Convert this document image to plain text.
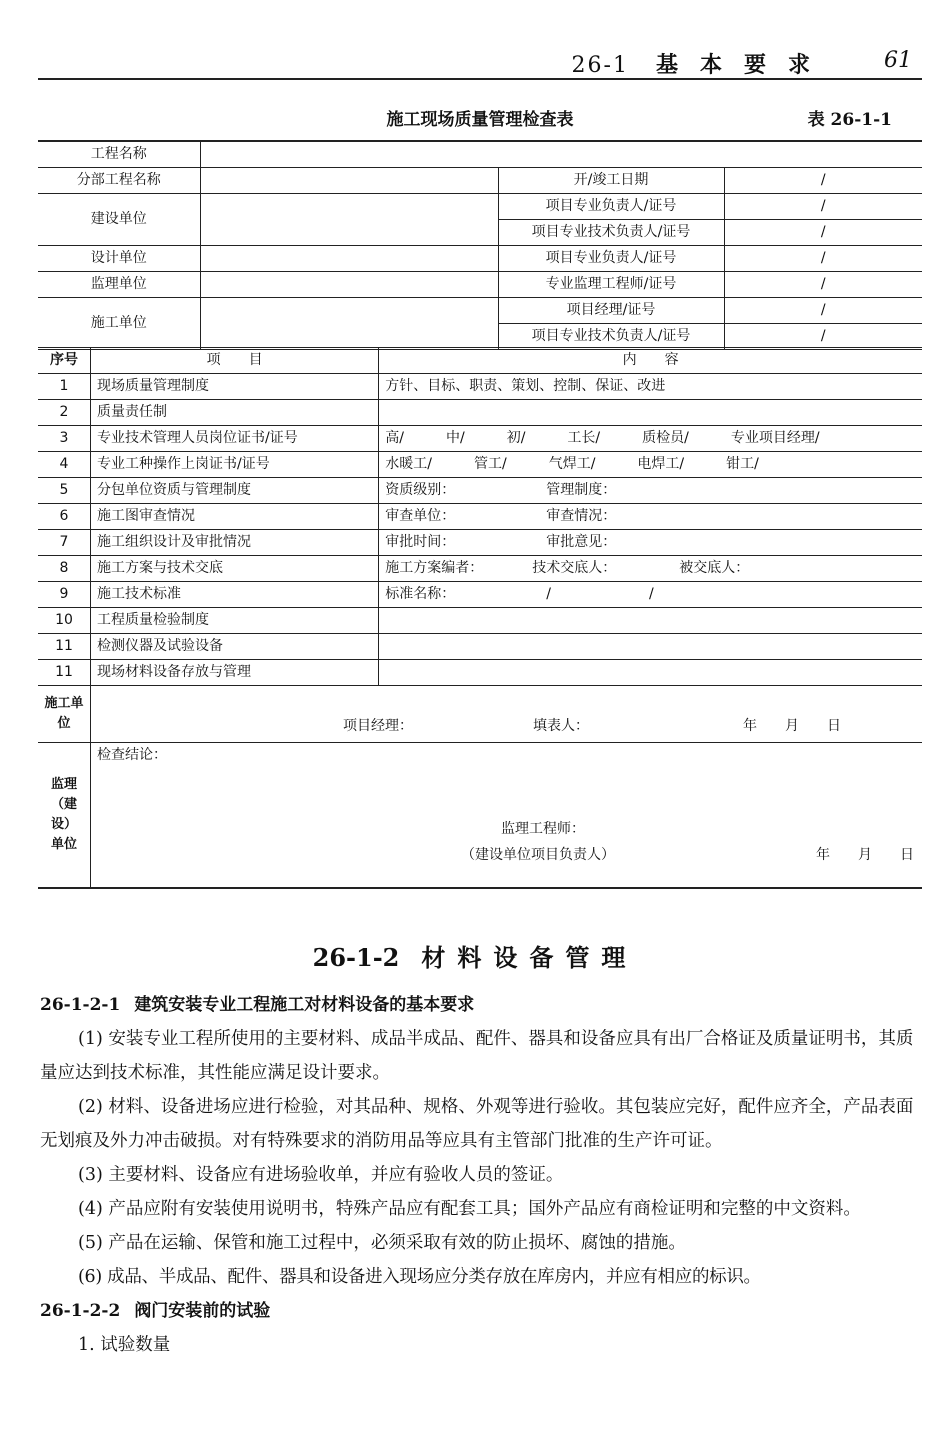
26-1 基本要求 61
施工现场质量管理检查表	表 26-1-1
工程名称			
分部工程名称		开/竣工日期	/
建设单位		项目专业负责人/证号	/
		项目专业技术负责人/证号	/
设计单位		项目专业负责人/证号	/
监理单位		专业监理工程师/证号	/
施工单位		项目经理/证号	/
		项目专业技术负责人/证号	/
序号	项　　目	内　　容
1	现场质量管理制度	方针、目标、职责、策划、控制、保证、改进
2	质量责任制	
3	专业技术管理人员岗位证书/证号	高/　　　中/　　　初/　　　工长/　　　质检员/　　　专业项目经理/
4	专业工种操作上岗证书/证号	水暖工/　　　管工/　　　气焊工/　　　电焊工/　　　钳工/
5	分包单位资质与管理制度	资质级别：　　　　　　　管理制度：
6	施工图审查情况	审查单位：　　　　　　　审查情况：
7	施工组织设计及审批情况	审批时间：　　　　　　　审批意见：
8	施工方案与技术交底	施工方案编者：　　　　技术交底人：　　　　　被交底人：
9	施工技术标准	标准名称：　　　　　　　/　　　　　　　/
10	工程质量检验制度	
11	检测仪器及试验设备	
11	现场材料设备存放与管理	
施工单位	项目经理： 填表人： 年　　月　　日	

监理（建设）单位	检查结论：
监理工程师：
（建设单位项目负责人） 年　　月　　日	
26-1-2 材料设备管理
26-1-2-1 建筑安装专业工程施工对材料设备的基本要求

(1) 安装专业工程所使用的主要材料、成品半成品、配件、器具和设备应具有出厂合格证及质量证明书，其质量应达到技术标准，其性能应满足设计要求。

(2) 材料、设备进场应进行检验，对其品种、规格、外观等进行验收。其包装应完好，配件应齐全，产品表面无划痕及外力冲击破损。对有特殊要求的消防用品等应具有主管部门批准的生产许可证。

(3) 主要材料、设备应有进场验收单，并应有验收人员的签证。

(4) 产品应附有安装使用说明书，特殊产品应有配套工具；国外产品应有商检证明和完整的中文资料。

(5) 产品在运输、保管和施工过程中，必须采取有效的防止损坏、腐蚀的措施。

(6) 成品、半成品、配件、器具和设备进入现场应分类存放在库房内，并应有相应的标识。

26-1-2-2 阀门安装前的试验

1. 试验数量
